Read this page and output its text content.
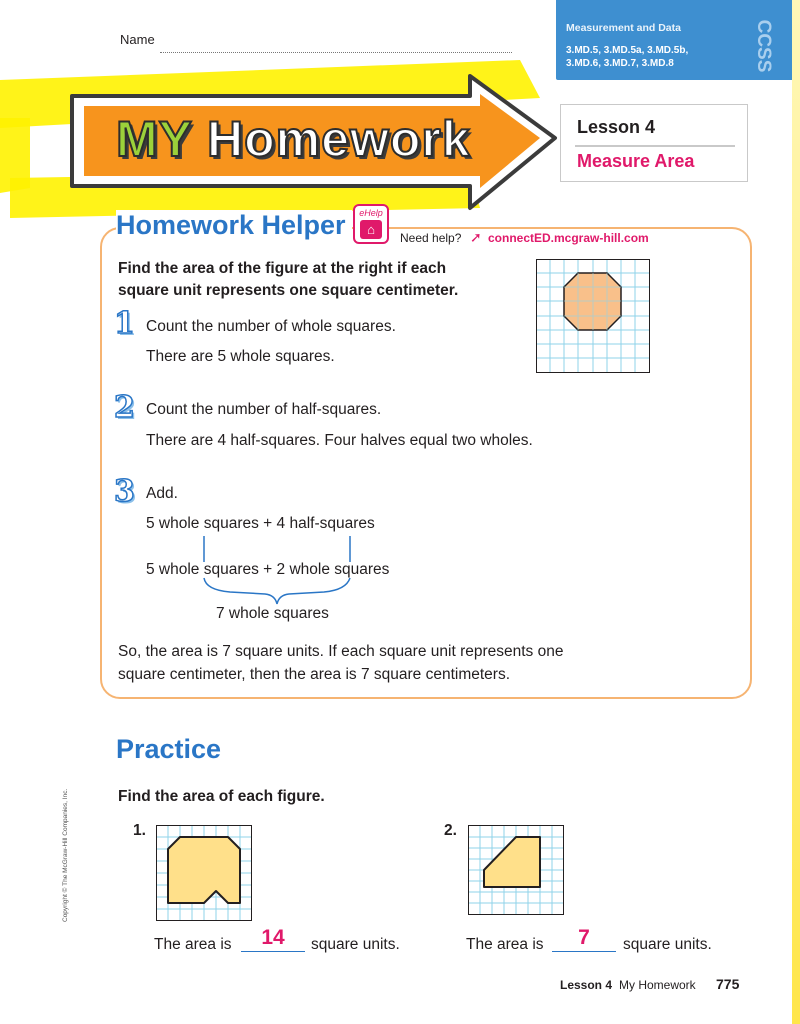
Name
Measurement and Data
3.MD.5, 3.MD.5a, 3.MD.5b,
3.MD.6, 3.MD.7, 3.MD.8	CCSS
MY Homework	Lesson 4
Measure Area
Homework Helper	eHelp
⌂
Need help? ➚ connectED.mcgraw-hill.com
Find the area of the figure at the right if each
square unit represents one square centimeter.
1 Count the number of whole squares.
There are 5 whole squares.
2 Count the number of half-squares.
There are 4 half-squares. Four halves equal two wholes.
3 Add.
5 whole squares + 4 half-squares
5 whole squares + 2 whole squares
7 whole squares
So, the area is 7 square units. If each square unit represents one
square centimeter, then the area is 7 square centimeters.
Practice
Find the area of each figure.
1.
The area is	14	square units.
2.
The area is	7	square units.
Copyright © The McGraw-Hill Companies, Inc.
Lesson 4 My Homework 775
